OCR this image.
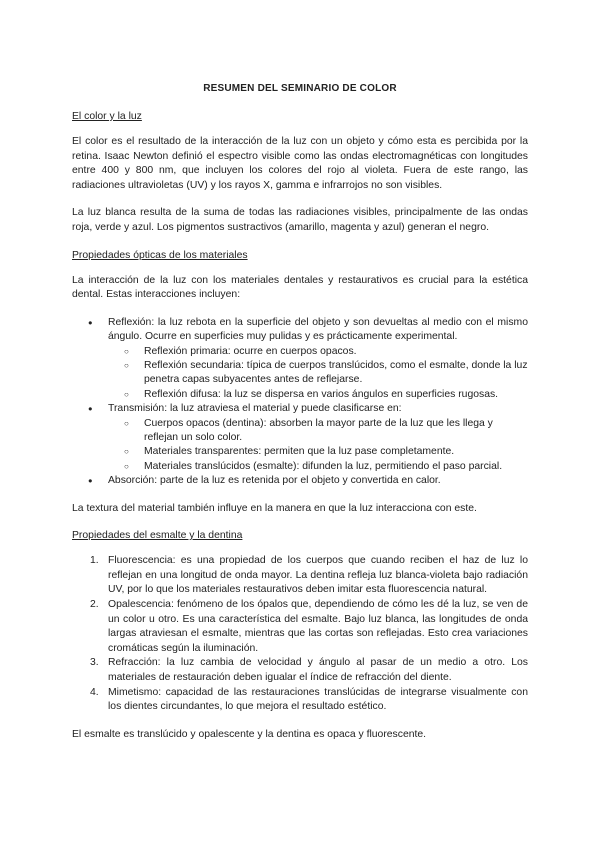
RESUMEN DEL SEMINARIO DE COLOR
El color y la luz

El color es el resultado de la interacción de la luz con un objeto y cómo esta es percibida por la retina. Isaac Newton definió el espectro visible como las ondas electromagnéticas con longitudes entre 400 y 800 nm, que incluyen los colores del rojo al violeta. Fuera de este rango, las radiaciones ultravioletas (UV) y los rayos X, gamma e infrarrojos no son visibles.

La luz blanca resulta de la suma de todas las radiaciones visibles, principalmente de las ondas roja, verde y azul. Los pigmentos sustractivos (amarillo, magenta y azul) generan el negro.

Propiedades ópticas de los materiales

La interacción de la luz con los materiales dentales y restaurativos es crucial para la estética dental. Estas interacciones incluyen:

● Reflexión: la luz rebota en la superficie del objeto y son devueltas al medio con el mismo ángulo. Ocurre en superficies muy pulidas y es prácticamente experimental.
○ Reflexión primaria: ocurre en cuerpos opacos.
○ Reflexión secundaria: típica de cuerpos translúcidos, como el esmalte, donde la luz penetra capas subyacentes antes de reflejarse.
○ Reflexión difusa: la luz se dispersa en varios ángulos en superficies rugosas.
● Transmisión: la luz atraviesa el material y puede clasificarse en:
○ Cuerpos opacos (dentina): absorben la mayor parte de la luz que les llega y reflejan un solo color.
○ Materiales transparentes: permiten que la luz pase completamente.
○ Materiales translúcidos (esmalte): difunden la luz, permitiendo el paso parcial.
● Absorción: parte de la luz es retenida por el objeto y convertida en calor.

La textura del material también influye en la manera en que la luz interacciona con este.

Propiedades del esmalte y la dentina
1. Fluorescencia: es una propiedad de los cuerpos que cuando reciben el haz de luz lo reflejan en una longitud de onda mayor. La dentina refleja luz blanca-violeta bajo radiación UV, por lo que los materiales restaurativos deben imitar esta fluorescencia natural.
2. Opalescencia: fenómeno de los ópalos que, dependiendo de cómo les dé la luz, se ven de un color u otro. Es una característica del esmalte. Bajo luz blanca, las longitudes de onda largas atraviesan el esmalte, mientras que las cortas son reflejadas. Esto crea variaciones cromáticas según la iluminación.
3. Refracción: la luz cambia de velocidad y ángulo al pasar de un medio a otro. Los materiales de restauración deben igualar el índice de refracción del diente.
4. Mimetismo: capacidad de las restauraciones translúcidas de integrarse visualmente con los dientes circundantes, lo que mejora el resultado estético.

El esmalte es translúcido y opalescente y la dentina es opaca y fluorescente.
